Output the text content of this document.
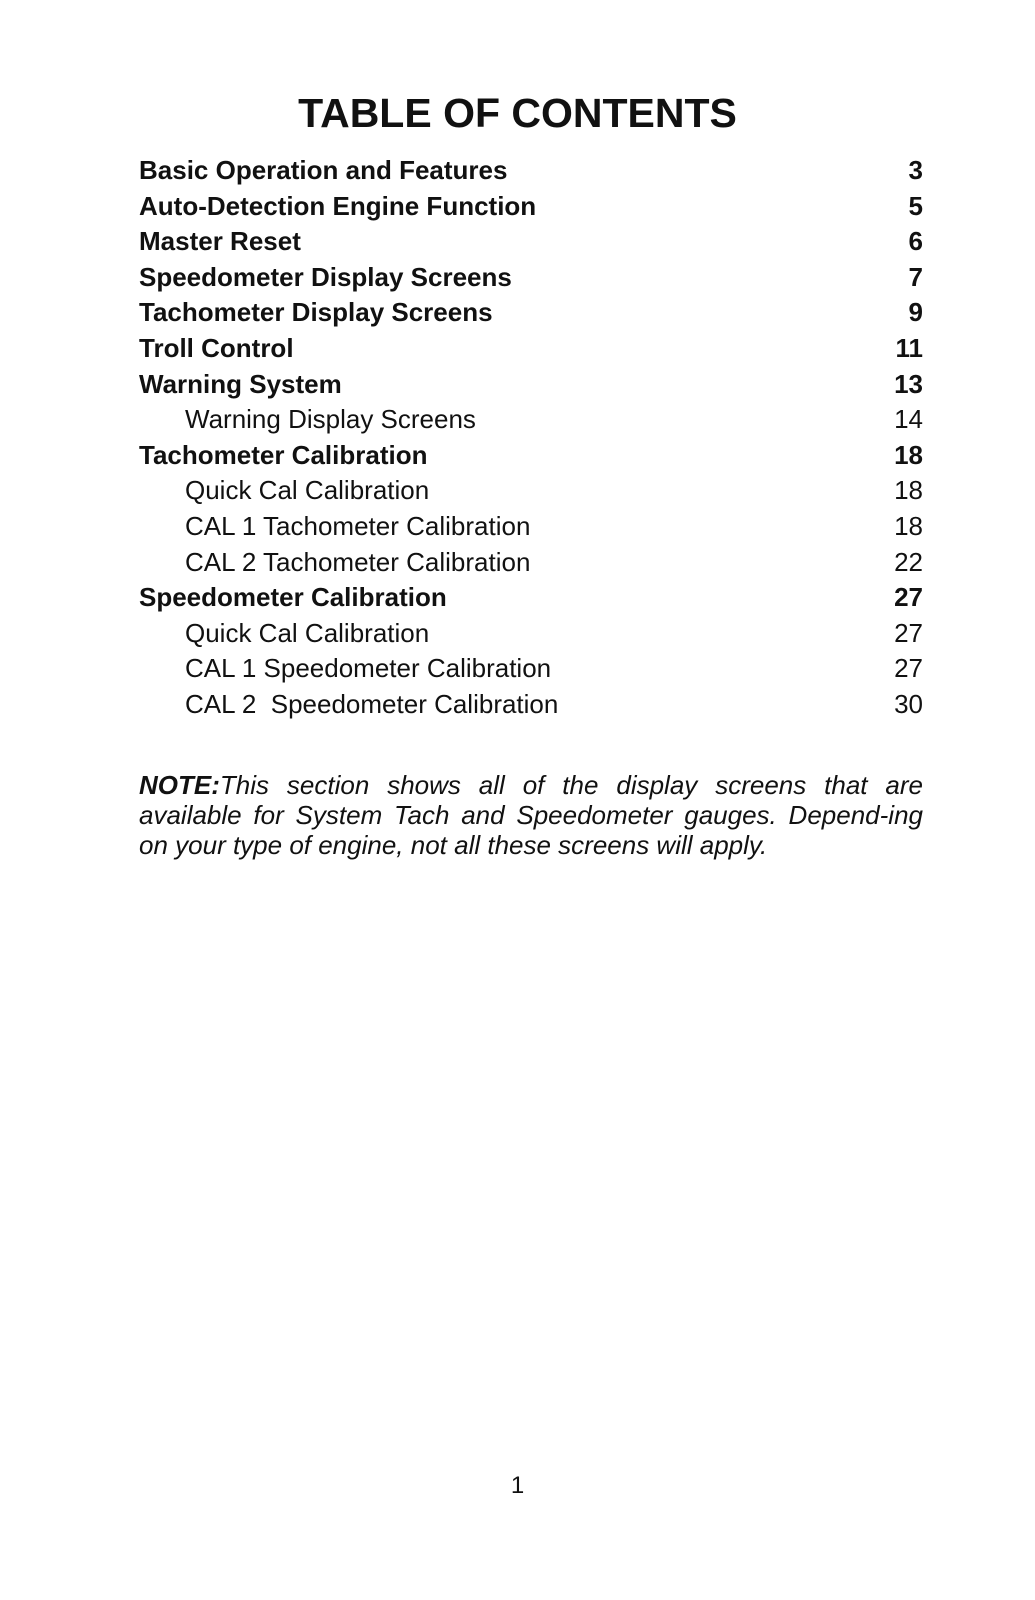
TABLE OF CONTENTS
Basic Operation and Features	3
Auto-Detection Engine Function	5
Master Reset	6
Speedometer Display Screens	7
Tachometer Display Screens	9
Troll Control	11
Warning System	13
Warning Display Screens	14
Tachometer Calibration	18
Quick Cal Calibration	18
CAL 1 Tachometer Calibration	18
CAL 2 Tachometer Calibration	22
Speedometer Calibration	27
Quick Cal Calibration	27
CAL 1 Speedometer Calibration	27
CAL 2  Speedometer Calibration	30

NOTE:This section shows all of the display screens that are available for System Tach and Speedometer gauges. Depend-ing on your type of engine, not all these screens will apply.

1
